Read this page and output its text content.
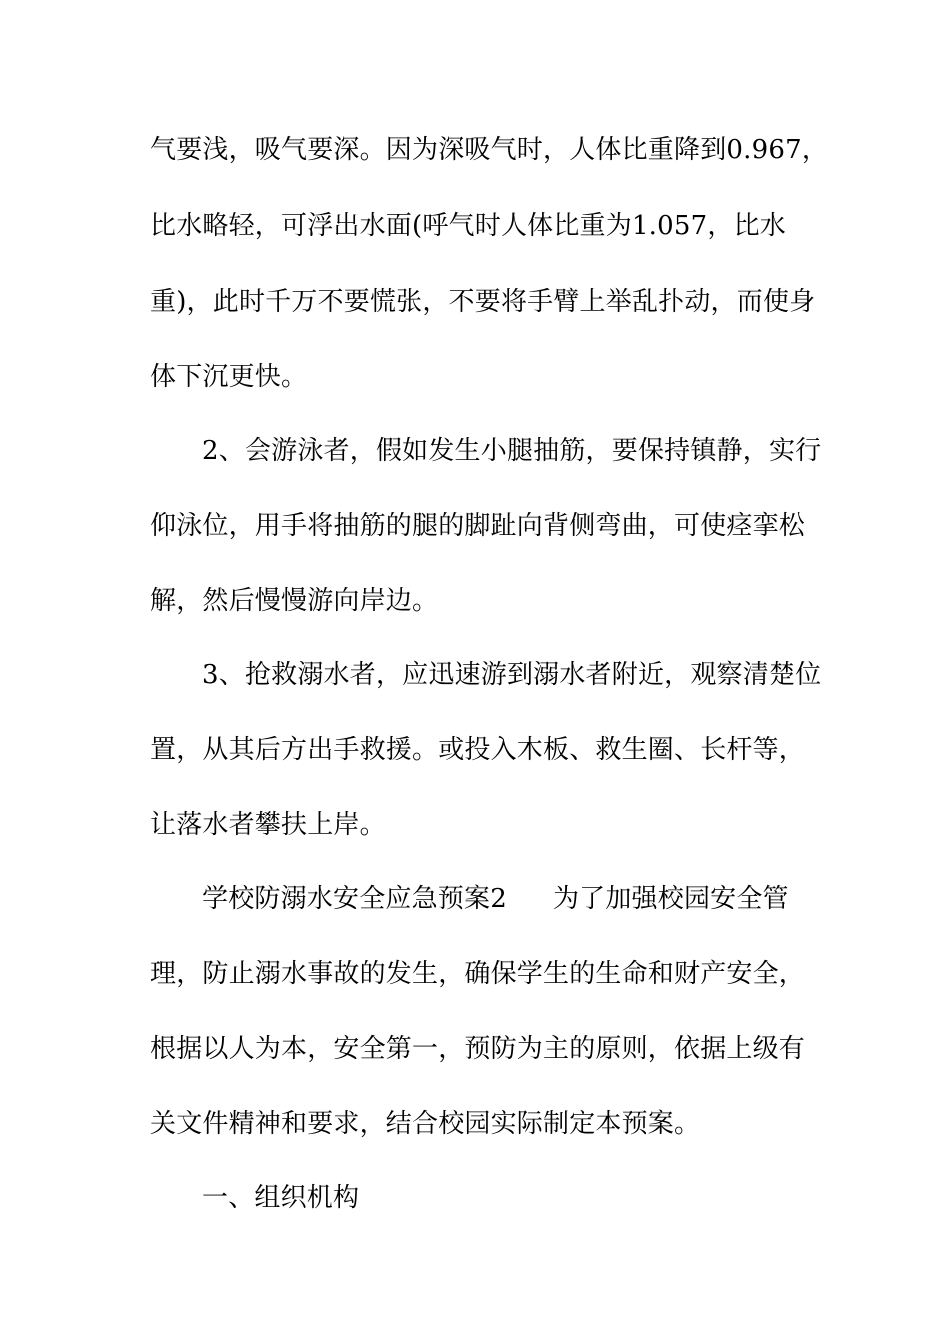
气要浅，吸气要深。因为深吸气时，人体比重降到0.967，
比水略轻，可浮出水面(呼气时人体比重为1.057，比水
重)，此时千万不要慌张，不要将手臂上举乱扑动，而使身
体下沉更快。
2、会游泳者，假如发生小腿抽筋，要保持镇静，实行
仰泳位，用手将抽筋的腿的脚趾向背侧弯曲，可使痉挛松
解，然后慢慢游向岸边。
3、抢救溺水者，应迅速游到溺水者附近，观察清楚位
置，从其后方出手救援。或投入木板、救生圈、长杆等，
让落水者攀扶上岸。
学校防溺水安全应急预案2 为了加强校园安全管
理，防止溺水事故的发生，确保学生的生命和财产安全，
根据以人为本，安全第一，预防为主的原则，依据上级有
关文件精神和要求，结合校园实际制定本预案。
一、组织机构
